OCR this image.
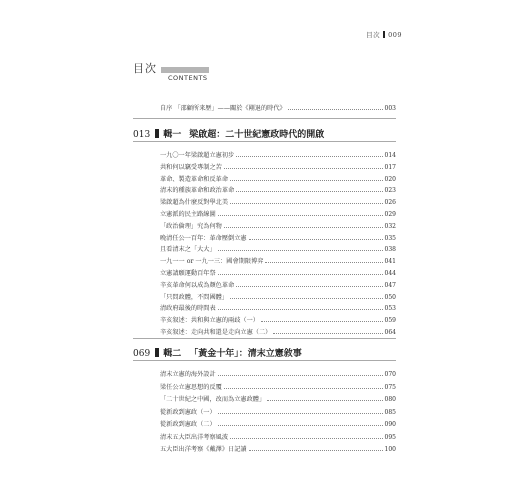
目次 009
目次
CONTENTS
自序 「邵顧所来歷」——關於《剛退的時代》	003
013 輯一 梁啟超：二十世紀憲政時代的開啟
一九〇一年梁啟超立憲初步	014
共和何以竊受專制之苦	017
革命、製造革命和反革命	020
清末的種族革命和政治革命	023
梁啟超為什麼反對學北美	026
立憲派的民主路線圖	029
「政治倫理」究為何物	032
晚清任公一百年：革命壓倒立憲	035
且看清末之「大大」	038
一九一一 or 一九一三：國會期限博弈	041
立憲請願運動百年祭	044
辛亥革命何以成為顏色革命	047
「只問政體，不問國體」	050
清政府最後的時間表	053
辛亥叙述：共和與立憲的兩歧（一）	059
辛亥叙述：走向共和還是走向立憲（二）	064
069 輯二 「黃金十年」：清末立憲敘事
清末立憲的海外設計	070
梁任公立憲思想的反覆	075
「二十世紀之中國，改而為立憲政體」	080
從新政到憲政（一）	085
從新政到憲政（二）	090
清末五大臣出洋考察風波	095
五大臣出洋考察《戴澤》日記讀	100
